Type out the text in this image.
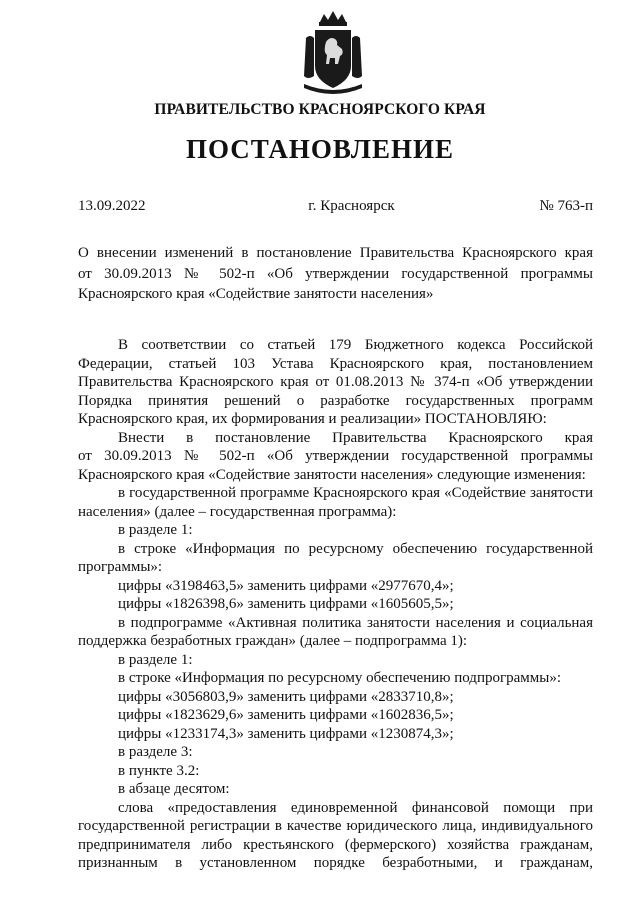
ПРАВИТЕЛЬСТВО КРАСНОЯРСКОГО КРАЯ
ПОСТАНОВЛЕНИЕ
13.09.2022	г. Красноярск	№ 763-п
О внесении изменений в постановление Правительства Красноярского края
от 30.09.2013 № 502-п «Об утверждении государственной программы
Красноярского края «Содействие занятости населения»
В соответствии со статьей 179 Бюджетного кодекса Российской
Федерации, статьей 103 Устава Красноярского края, постановлением
Правительства Красноярского края от 01.08.2013 № 374-п «Об утверждении
Порядка принятия решений о разработке государственных программ
Красноярского края, их формирования и реализации» ПОСТАНОВЛЯЮ:
Внести в постановление Правительства Красноярского края
от 30.09.2013 № 502-п «Об утверждении государственной программы
Красноярского края «Содействие занятости населения» следующие изменения:
в государственной программе Красноярского края «Содействие занятости
населения» (далее – государственная программа):
в разделе 1:
в строке «Информация по ресурсному обеспечению государственной
программы»:
цифры «3198463,5» заменить цифрами «2977670,4»;
цифры «1826398,6» заменить цифрами «1605605,5»;
в подпрограмме «Активная политика занятости населения и социальная
поддержка безработных граждан» (далее – подпрограмма 1):
в разделе 1:
в строке «Информация по ресурсному обеспечению подпрограммы»:
цифры «3056803,9» заменить цифрами «2833710,8»;
цифры «1823629,6» заменить цифрами «1602836,5»;
цифры «1233174,3» заменить цифрами «1230874,3»;
в разделе 3:
в пункте 3.2:
в абзаце десятом:
слова «предоставления единовременной финансовой помощи при
государственной регистрации в качестве юридического лица, индивидуального
предпринимателя либо крестьянского (фермерского) хозяйства гражданам,
признанным в установленном порядке безработными, и гражданам,
